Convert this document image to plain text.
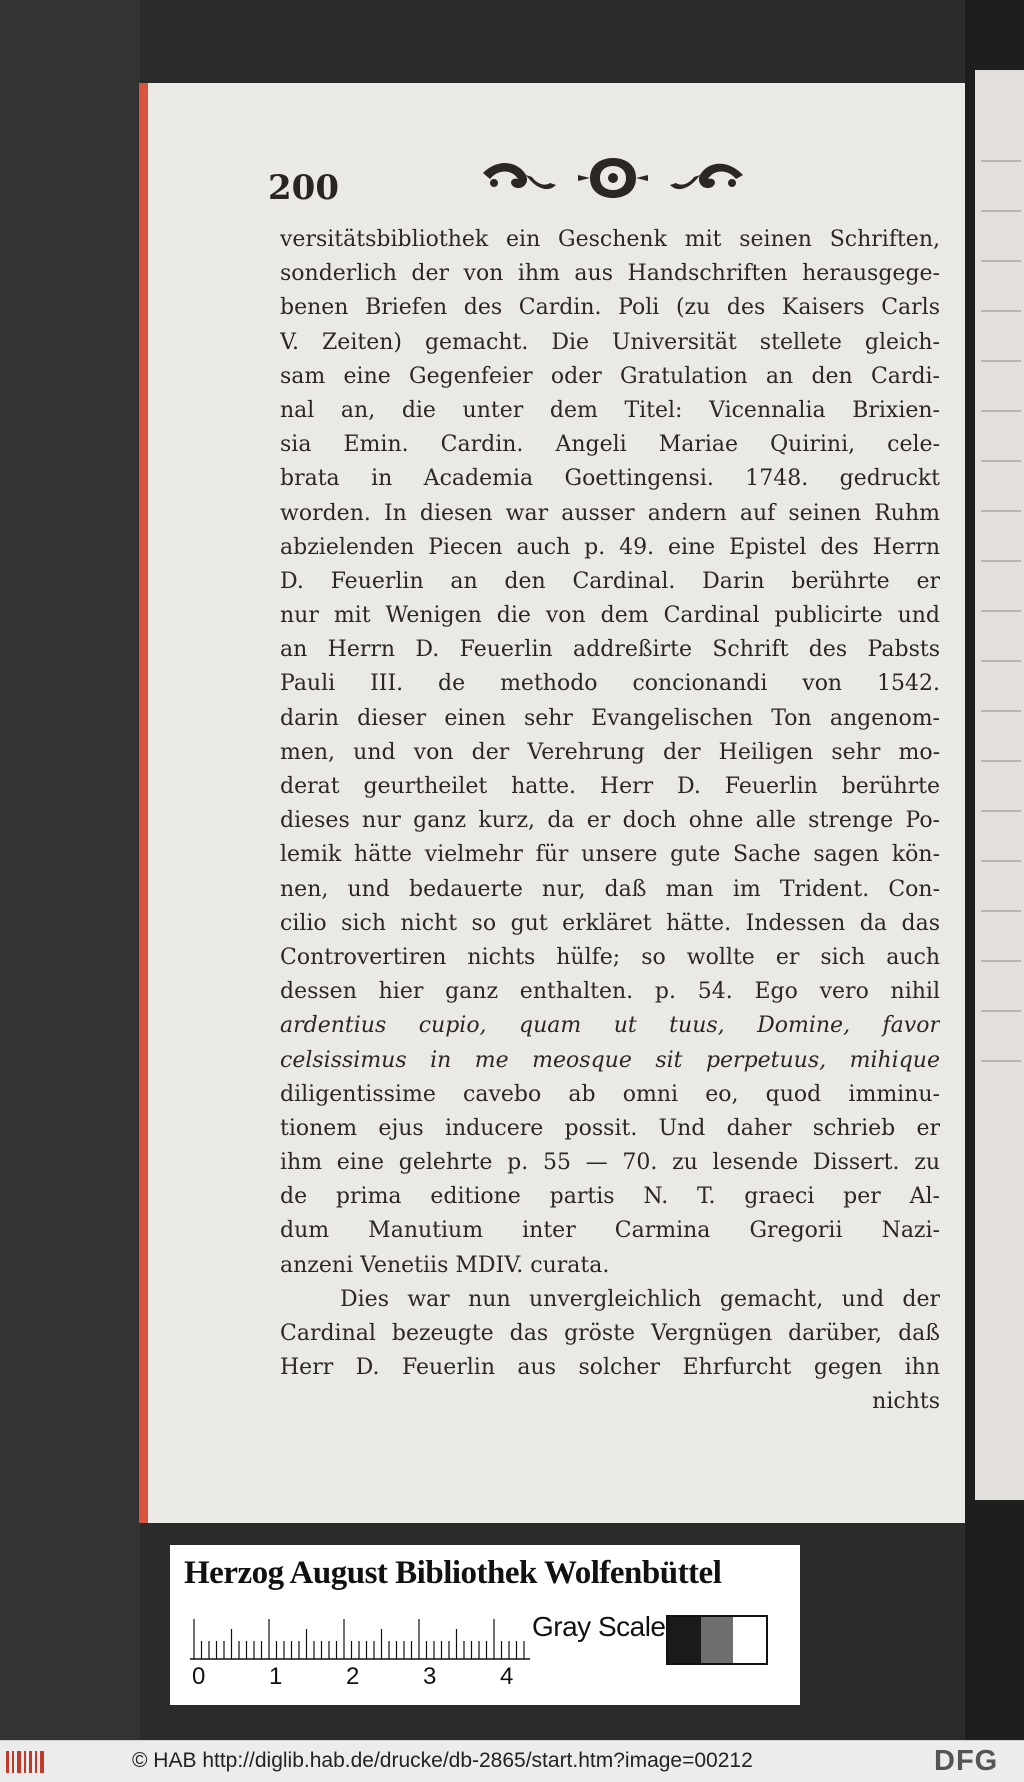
200
versitätsbibliothek ein Geschenk mit seinen Schriften,
sonderlich der von ihm aus Handschriften herausgege-
benen Briefen des Cardin. Poli (zu des Kaisers Carls
V. Zeiten) gemacht. Die Universität stellete gleich-
sam eine Gegenfeier oder Gratulation an den Cardi-
nal an, die unter dem Titel: Vicennalia Brixien-
sia Emin. Cardin. Angeli Mariae Quirini, cele-
brata in Academia Goettingensi. 1748. gedruckt
worden. In diesen war ausser andern auf seinen Ruhm
abzielenden Piecen auch p. 49. eine Epistel des Herrn
D. Feuerlin an den Cardinal. Darin berührte er
nur mit Wenigen die von dem Cardinal publicirte und
an Herrn D. Feuerlin addreßirte Schrift des Pabsts
Pauli III. de methodo concionandi von 1542.
darin dieser einen sehr Evangelischen Ton angenom-
men, und von der Verehrung der Heiligen sehr mo-
derat geurtheilet hatte. Herr D. Feuerlin berührte
dieses nur ganz kurz, da er doch ohne alle strenge Po-
lemik hätte vielmehr für unsere gute Sache sagen kön-
nen, und bedauerte nur, daß man im Trident. Con-
cilio sich nicht so gut erkläret hätte. Indessen da das
Controvertiren nichts hülfe; so wollte er sich auch
dessen hier ganz enthalten. p. 54. Ego vero nihil
ardentius cupio, quam ut tuus, Domine, favor
celsissimus in me meosque sit perpetuus, mihique
diligentissime cavebo ab omni eo, quod imminu-
tionem ejus inducere possit. Und daher schrieb er
ihm eine gelehrte p. 55 — 70. zu lesende Dissert. zu
de prima editione partis N. T. graeci per Al-
dum Manutium inter Carmina Gregorii Nazi-
anzeni Venetiis MDIV. curata.
Dies war nun unvergleichlich gemacht, und der
Cardinal bezeugte das gröste Vergnügen darüber, daß
Herr D. Feuerlin aus solcher Ehrfurcht gegen ihn
nichts
Herzog August Bibliothek Wolfenbüttel
0	1	2	3	4
Gray Scale
© HAB http://diglib.hab.de/drucke/db-2865/start.htm?image=00212	DFG
